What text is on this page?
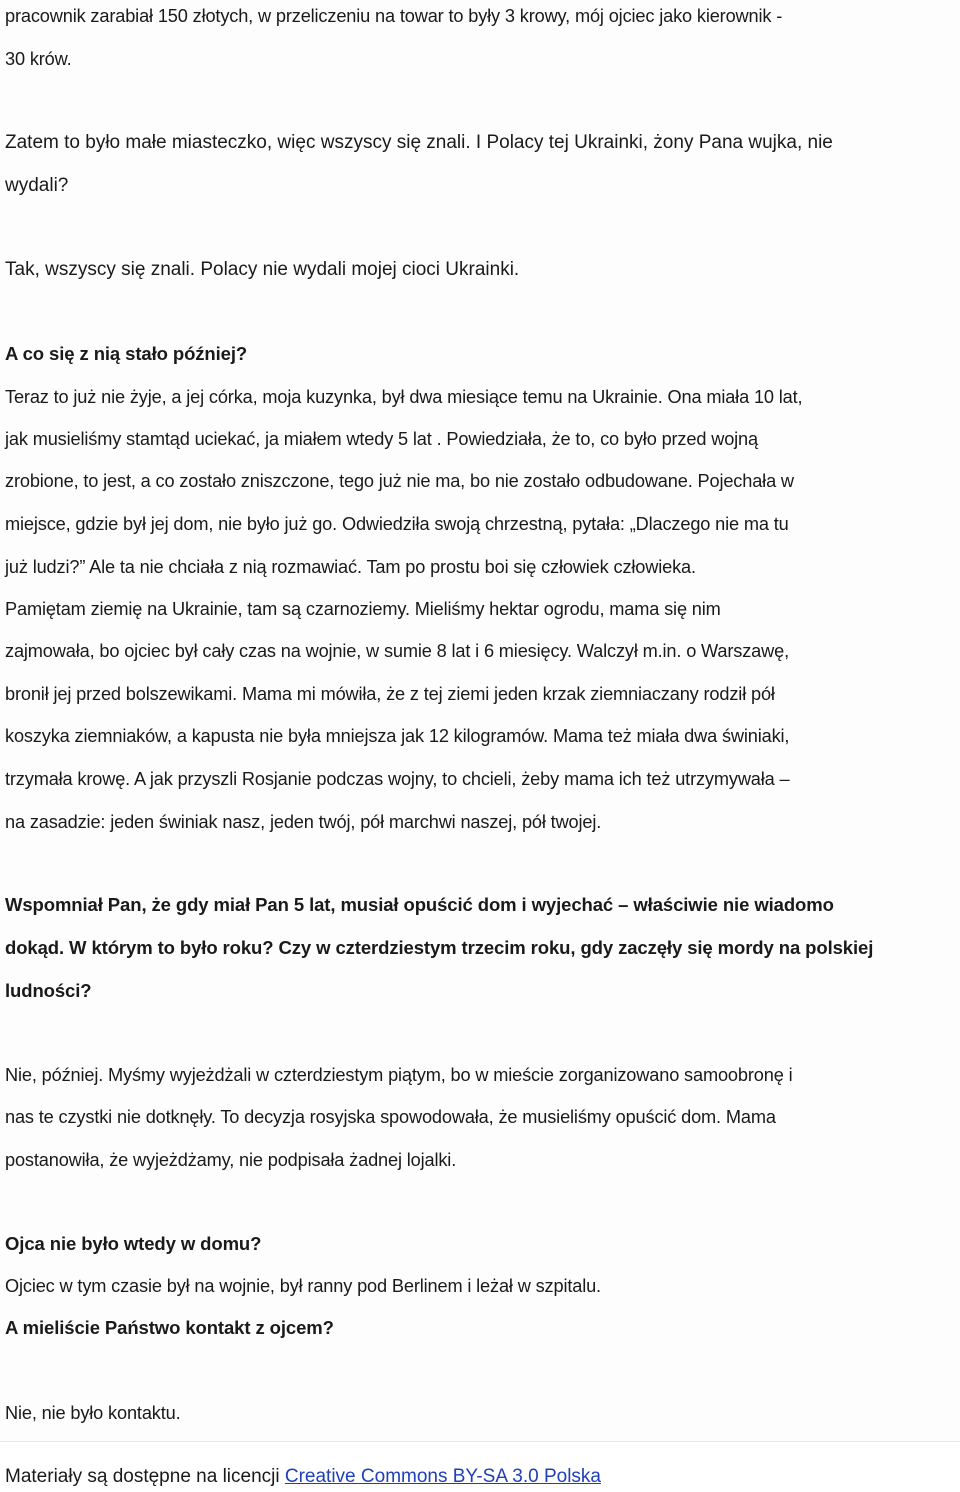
pracownik zarabiał 150 złotych, w przeliczeniu na towar to były 3 krowy, mój ojciec jako kierownik -

30 krów.

Zatem to było małe miasteczko, więc wszyscy się znali. I Polacy tej Ukrainki, żony Pana wujka, nie

wydali?

Tak, wszyscy się znali. Polacy nie wydali mojej cioci Ukrainki.

A co się z nią stało później?

Teraz to już nie żyje, a jej córka, moja kuzynka, był dwa miesiące temu na Ukrainie. Ona miała 10 lat,

jak musieliśmy stamtąd uciekać, ja miałem wtedy 5 lat . Powiedziała, że to, co było przed wojną

zrobione, to jest, a co zostało zniszczone, tego już nie ma, bo nie zostało odbudowane. Pojechała w

miejsce, gdzie był jej dom, nie było już go. Odwiedziła swoją chrzestną, pytała: „Dlaczego nie ma tu

już ludzi?” Ale ta nie chciała z nią rozmawiać. Tam po prostu boi się człowiek człowieka.

Pamiętam ziemię na Ukrainie, tam są czarnoziemy. Mieliśmy hektar ogrodu, mama się nim

zajmowała, bo ojciec był cały czas na wojnie, w sumie 8 lat i 6 miesięcy. Walczył m.in. o Warszawę,

bronił jej przed bolszewikami. Mama mi mówiła, że z tej ziemi jeden krzak ziemniaczany rodził pół

koszyka ziemniaków, a kapusta nie była mniejsza jak 12 kilogramów. Mama też miała dwa świniaki,

trzymała krowę. A jak przyszli Rosjanie podczas wojny, to chcieli, żeby mama ich też utrzymywała –

na zasadzie: jeden świniak nasz, jeden twój, pół marchwi naszej, pół twojej.

Wspomniał Pan, że gdy miał Pan 5 lat, musiał opuścić dom i wyjechać – właściwie nie wiadomo

dokąd. W którym to było roku? Czy w czterdziestym trzecim roku, gdy zaczęły się mordy na polskiej

ludności?

Nie, później. Myśmy wyjeżdżali w czterdziestym piątym, bo w mieście zorganizowano samoobronę i

nas te czystki nie dotknęły. To decyzja rosyjska spowodowała, że musieliśmy opuścić dom. Mama

postanowiła, że wyjeżdżamy, nie podpisała żadnej lojalki.

Ojca nie było wtedy w domu?

Ojciec w tym czasie był na wojnie, był ranny pod Berlinem i leżał w szpitalu.

A mieliście Państwo kontakt z ojcem?

Nie, nie było kontaktu.

Materiały są dostępne na licencji Creative Commons BY-SA 3.0 Polska
